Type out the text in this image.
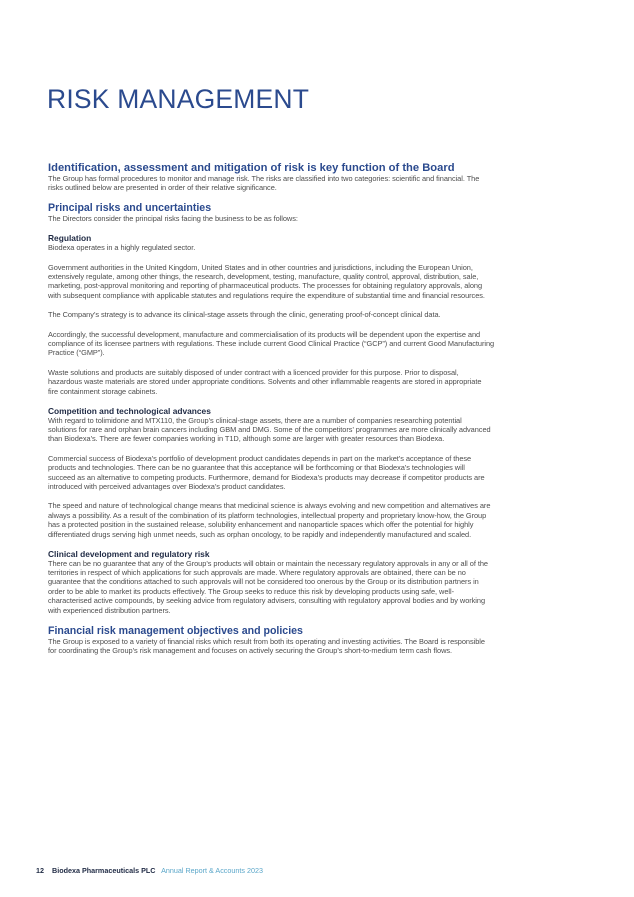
RISK MANAGEMENT
Identification, assessment and mitigation of risk is key function of the Board
The Group has formal procedures to monitor and manage risk. The risks are classified into two categories: scientific and financial. The
risks outlined below are presented in order of their relative significance.
Principal risks and uncertainties
The Directors consider the principal risks facing the business to be as follows:
Regulation
Biodexa operates in a highly regulated sector.
Government authorities in the United Kingdom, United States and in other countries and jurisdictions, including the European Union,
extensively regulate, among other things, the research, development, testing, manufacture, quality control, approval, distribution, sale,
marketing, post-approval monitoring and reporting of pharmaceutical products. The processes for obtaining regulatory approvals, along
with subsequent compliance with applicable statutes and regulations require the expenditure of substantial time and financial resources.
The Company’s strategy is to advance its clinical-stage assets through the clinic, generating proof-of-concept clinical data.
Accordingly, the successful development, manufacture and commercialisation of its products will be dependent upon the expertise and
compliance of its licensee partners with regulations. These include current Good Clinical Practice (“GCP”) and current Good Manufacturing
Practice (“GMP”).
Waste solutions and products are suitably disposed of under contract with a licenced provider for this purpose. Prior to disposal,
hazardous waste materials are stored under appropriate conditions. Solvents and other inflammable reagents are stored in appropriate
fire containment storage cabinets.
Competition and technological advances
With regard to tolimidone and MTX110, the Group’s clinical-stage assets, there are a number of companies researching potential
solutions for rare and orphan brain cancers including GBM and DMG. Some of the competitors’ programmes are more clinically advanced
than Biodexa’s. There are fewer companies working in T1D, although some are larger with greater resources than Biodexa.
Commercial success of Biodexa’s portfolio of development product candidates depends in part on the market’s acceptance of these
products and technologies. There can be no guarantee that this acceptance will be forthcoming or that Biodexa’s technologies will
succeed as an alternative to competing products. Furthermore, demand for Biodexa’s products may decrease if competitor products are
introduced with perceived advantages over Biodexa’s product candidates.
The speed and nature of technological change means that medicinal science is always evolving and new competition and alternatives are
always a possibility. As a result of the combination of its platform technologies, intellectual property and proprietary know-how, the Group
has a protected position in the sustained release, solubility enhancement and nanoparticle spaces which offer the potential for highly
differentiated drugs serving high unmet needs, such as orphan oncology, to be rapidly and independently manufactured and scaled.
Clinical development and regulatory risk
There can be no guarantee that any of the Group’s products will obtain or maintain the necessary regulatory approvals in any or all of the
territories in respect of which applications for such approvals are made. Where regulatory approvals are obtained, there can be no
guarantee that the conditions attached to such approvals will not be considered too onerous by the Group or its distribution partners in
order to be able to market its products effectively. The Group seeks to reduce this risk by developing products using safe, well-
characterised active compounds, by seeking advice from regulatory advisers, consulting with regulatory approval bodies and by working
with experienced distribution partners.
Financial risk management objectives and policies
The Group is exposed to a variety of financial risks which result from both its operating and investing activities. The Board is responsible
for coordinating the Group’s risk management and focuses on actively securing the Group’s short-to-medium term cash flows.
12 Biodexa Pharmaceuticals PLC Annual Report & Accounts 2023
